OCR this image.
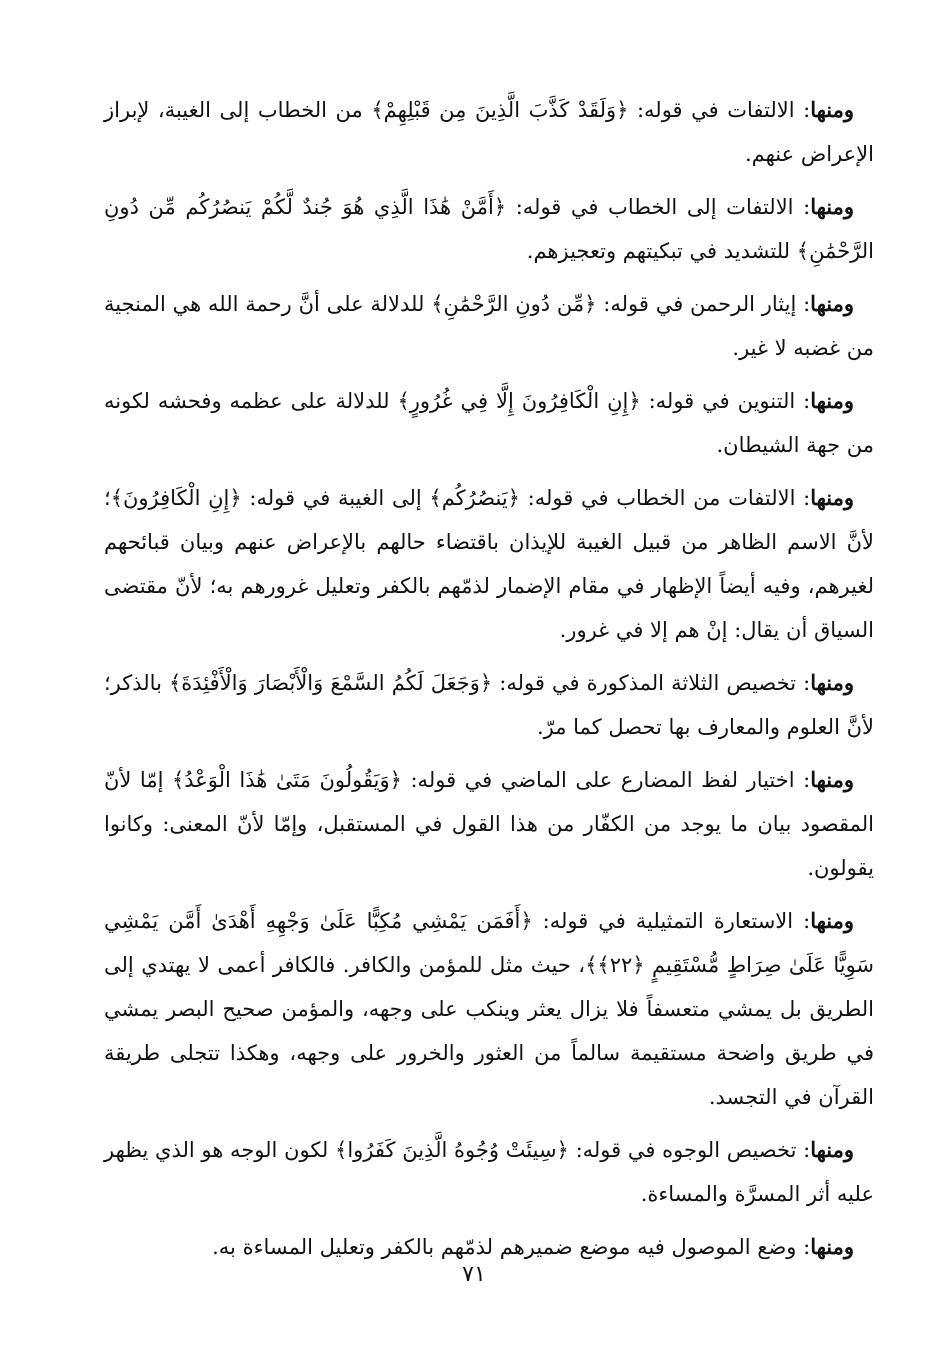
ومنها: الالتفات في قوله: ﴿وَلَقَدْ كَذَّبَ الَّذِينَ مِن قَبْلِهِمْ﴾ من الخطاب إلى الغيبة، لإبراز الإعراض عنهم.

ومنها: الالتفات إلى الخطاب في قوله: ﴿أَمَّنْ هَٰذَا الَّذِي هُوَ جُندٌ لَّكُمْ يَنصُرُكُم مِّن دُونِ الرَّحْمَٰنِ﴾ للتشديد في تبكيتهم وتعجيزهم.

ومنها: إيثار الرحمن في قوله: ﴿مِّن دُونِ الرَّحْمَٰنِ﴾ للدلالة على أنَّ رحمة الله هي المنجية من غضبه لا غير.

ومنها: التنوين في قوله: ﴿إِنِ الْكَافِرُونَ إِلَّا فِي غُرُورٍ﴾ للدلالة على عظمه وفحشه لكونه من جهة الشيطان.

ومنها: الالتفات من الخطاب في قوله: ﴿يَنصُرُكُم﴾ إلى الغيبة في قوله: ﴿إِنِ الْكَافِرُونَ﴾؛ لأنَّ الاسم الظاهر من قبيل الغيبة للإيذان باقتضاء حالهم بالإعراض عنهم وبيان قبائحهم لغيرهم، وفيه أيضاً الإظهار في مقام الإضمار لذمّهم بالكفر وتعليل غرورهم به؛ لأنّ مقتضى السياق أن يقال: إنْ هم إلا في غرور.

ومنها: تخصيص الثلاثة المذكورة في قوله: ﴿وَجَعَلَ لَكُمُ السَّمْعَ وَالْأَبْصَارَ وَالْأَفْئِدَةَ﴾ بالذكر؛ لأنَّ العلوم والمعارف بها تحصل كما مرّ.

ومنها: اختيار لفظ المضارع على الماضي في قوله: ﴿وَيَقُولُونَ مَتَىٰ هَٰذَا الْوَعْدُ﴾ إمّا لأنّ المقصود بيان ما يوجد من الكفّار من هذا القول في المستقبل، وإمّا لأنّ المعنى: وكانوا يقولون.

ومنها: الاستعارة التمثيلية في قوله: ﴿أَفَمَن يَمْشِي مُكِبًّا عَلَىٰ وَجْهِهِ أَهْدَىٰ أَمَّن يَمْشِي سَوِيًّا عَلَىٰ صِرَاطٍ مُّسْتَقِيمٍ ﴿٢٢﴾﴾، حيث مثل للمؤمن والكافر. فالكافر أعمى لا يهتدي إلى الطريق بل يمشي متعسفاً فلا يزال يعثر وينكب على وجهه، والمؤمن صحيح البصر يمشي في طريق واضحة مستقيمة سالماً من العثور والخرور على وجهه، وهكذا تتجلى طريقة القرآن في التجسد.

ومنها: تخصيص الوجوه في قوله: ﴿سِيئَتْ وُجُوهُ الَّذِينَ كَفَرُوا﴾ لكون الوجه هو الذي يظهر عليه أثر المسرَّة والمساءة.

ومنها: وضع الموصول فيه موضع ضميرهم لذمّهم بالكفر وتعليل المساءة به.

٧١
